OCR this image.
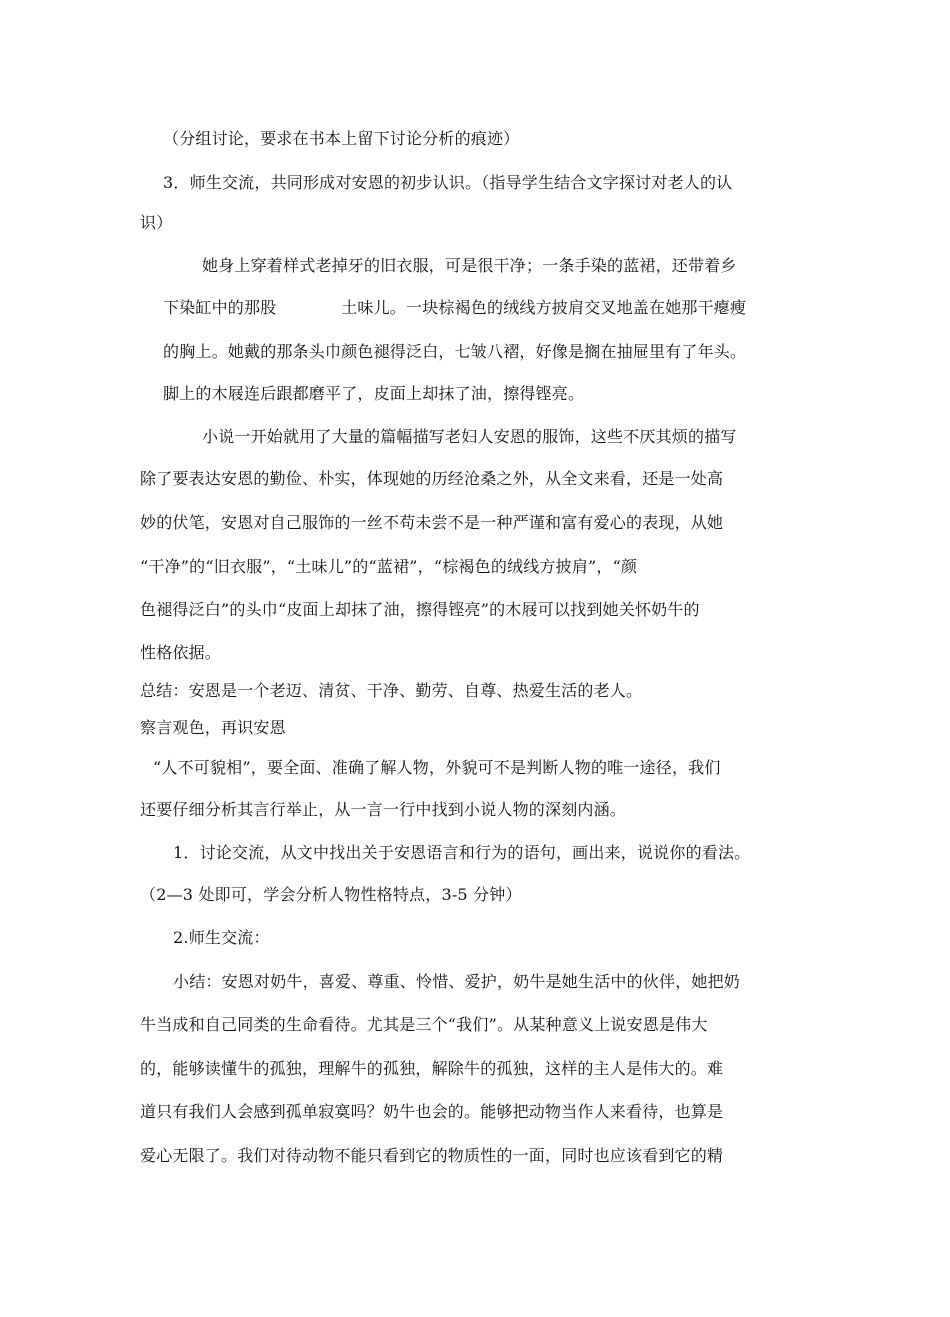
（分组讨论，要求在书本上留下讨论分析的痕迹）
3．师生交流，共同形成对安恩的初步认识。（指导学生结合文字探讨对老人的认
识）
她身上穿着样式老掉牙的旧衣服，可是很干净；一条手染的蓝裙，还带着乡
下染缸中的那股　　　　土味儿。一块棕褐色的绒线方披肩交叉地盖在她那干瘪瘦
的胸上。她戴的那条头巾颜色褪得泛白，七皱八褶，好像是搁在抽屉里有了年头。
脚上的木屐连后跟都磨平了，皮面上却抹了油，擦得铿亮。
小说一开始就用了大量的篇幅描写老妇人安恩的服饰，这些不厌其烦的描写
除了要表达安恩的勤俭、朴实，体现她的历经沧桑之外，从全文来看，还是一处高
妙的伏笔，安恩对自己服饰的一丝不苟未尝不是一种严谨和富有爱心的表现，从她
“干净”的“旧衣服”，“土味儿”的“蓝裙”，“棕褐色的绒线方披肩”，“颜
色褪得泛白”的头巾“皮面上却抹了油，擦得铿亮”的木屐可以找到她关怀奶牛的
性格依据。
总结：安恩是一个老迈、清贫、干净、勤劳、自尊、热爱生活的老人。
察言观色，再识安恩
“人不可貌相”，要全面、准确了解人物，外貌可不是判断人物的唯一途径，我们
还要仔细分析其言行举止，从一言一行中找到小说人物的深刻内涵。
1．讨论交流，从文中找出关于安恩语言和行为的语句，画出来，说说你的看法。
（2—3 处即可，学会分析人物性格特点，3-5 分钟）
2.师生交流：
小结：安恩对奶牛，喜爱、尊重、怜惜、爱护，奶牛是她生活中的伙伴，她把奶
牛当成和自己同类的生命看待。尤其是三个“我们”。从某种意义上说安恩是伟大
的，能够读懂牛的孤独，理解牛的孤独，解除牛的孤独，这样的主人是伟大的。难
道只有我们人会感到孤单寂寞吗？奶牛也会的。能够把动物当作人来看待，也算是
爱心无限了。我们对待动物不能只看到它的物质性的一面，同时也应该看到它的精
